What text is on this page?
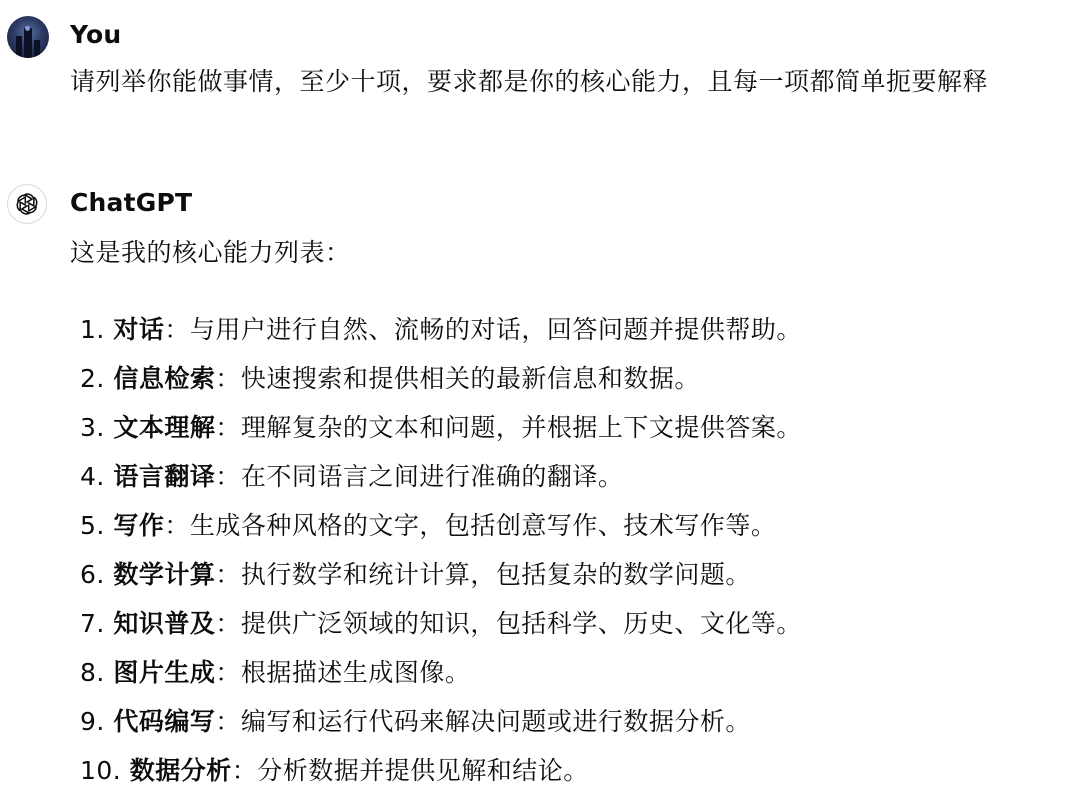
You
请列举你能做事情，至少十项，要求都是你的核心能力，且每一项都简单扼要解释
ChatGPT
这是我的核心能力列表：
1. 对话：与用户进行自然、流畅的对话，回答问题并提供帮助。
2. 信息检索：快速搜索和提供相关的最新信息和数据。
3. 文本理解：理解复杂的文本和问题，并根据上下文提供答案。
4. 语言翻译：在不同语言之间进行准确的翻译。
5. 写作：生成各种风格的文字，包括创意写作、技术写作等。
6. 数学计算：执行数学和统计计算，包括复杂的数学问题。
7. 知识普及：提供广泛领域的知识，包括科学、历史、文化等。
8. 图片生成：根据描述生成图像。
9. 代码编写：编写和运行代码来解决问题或进行数据分析。
10. 数据分析：分析数据并提供见解和结论。
